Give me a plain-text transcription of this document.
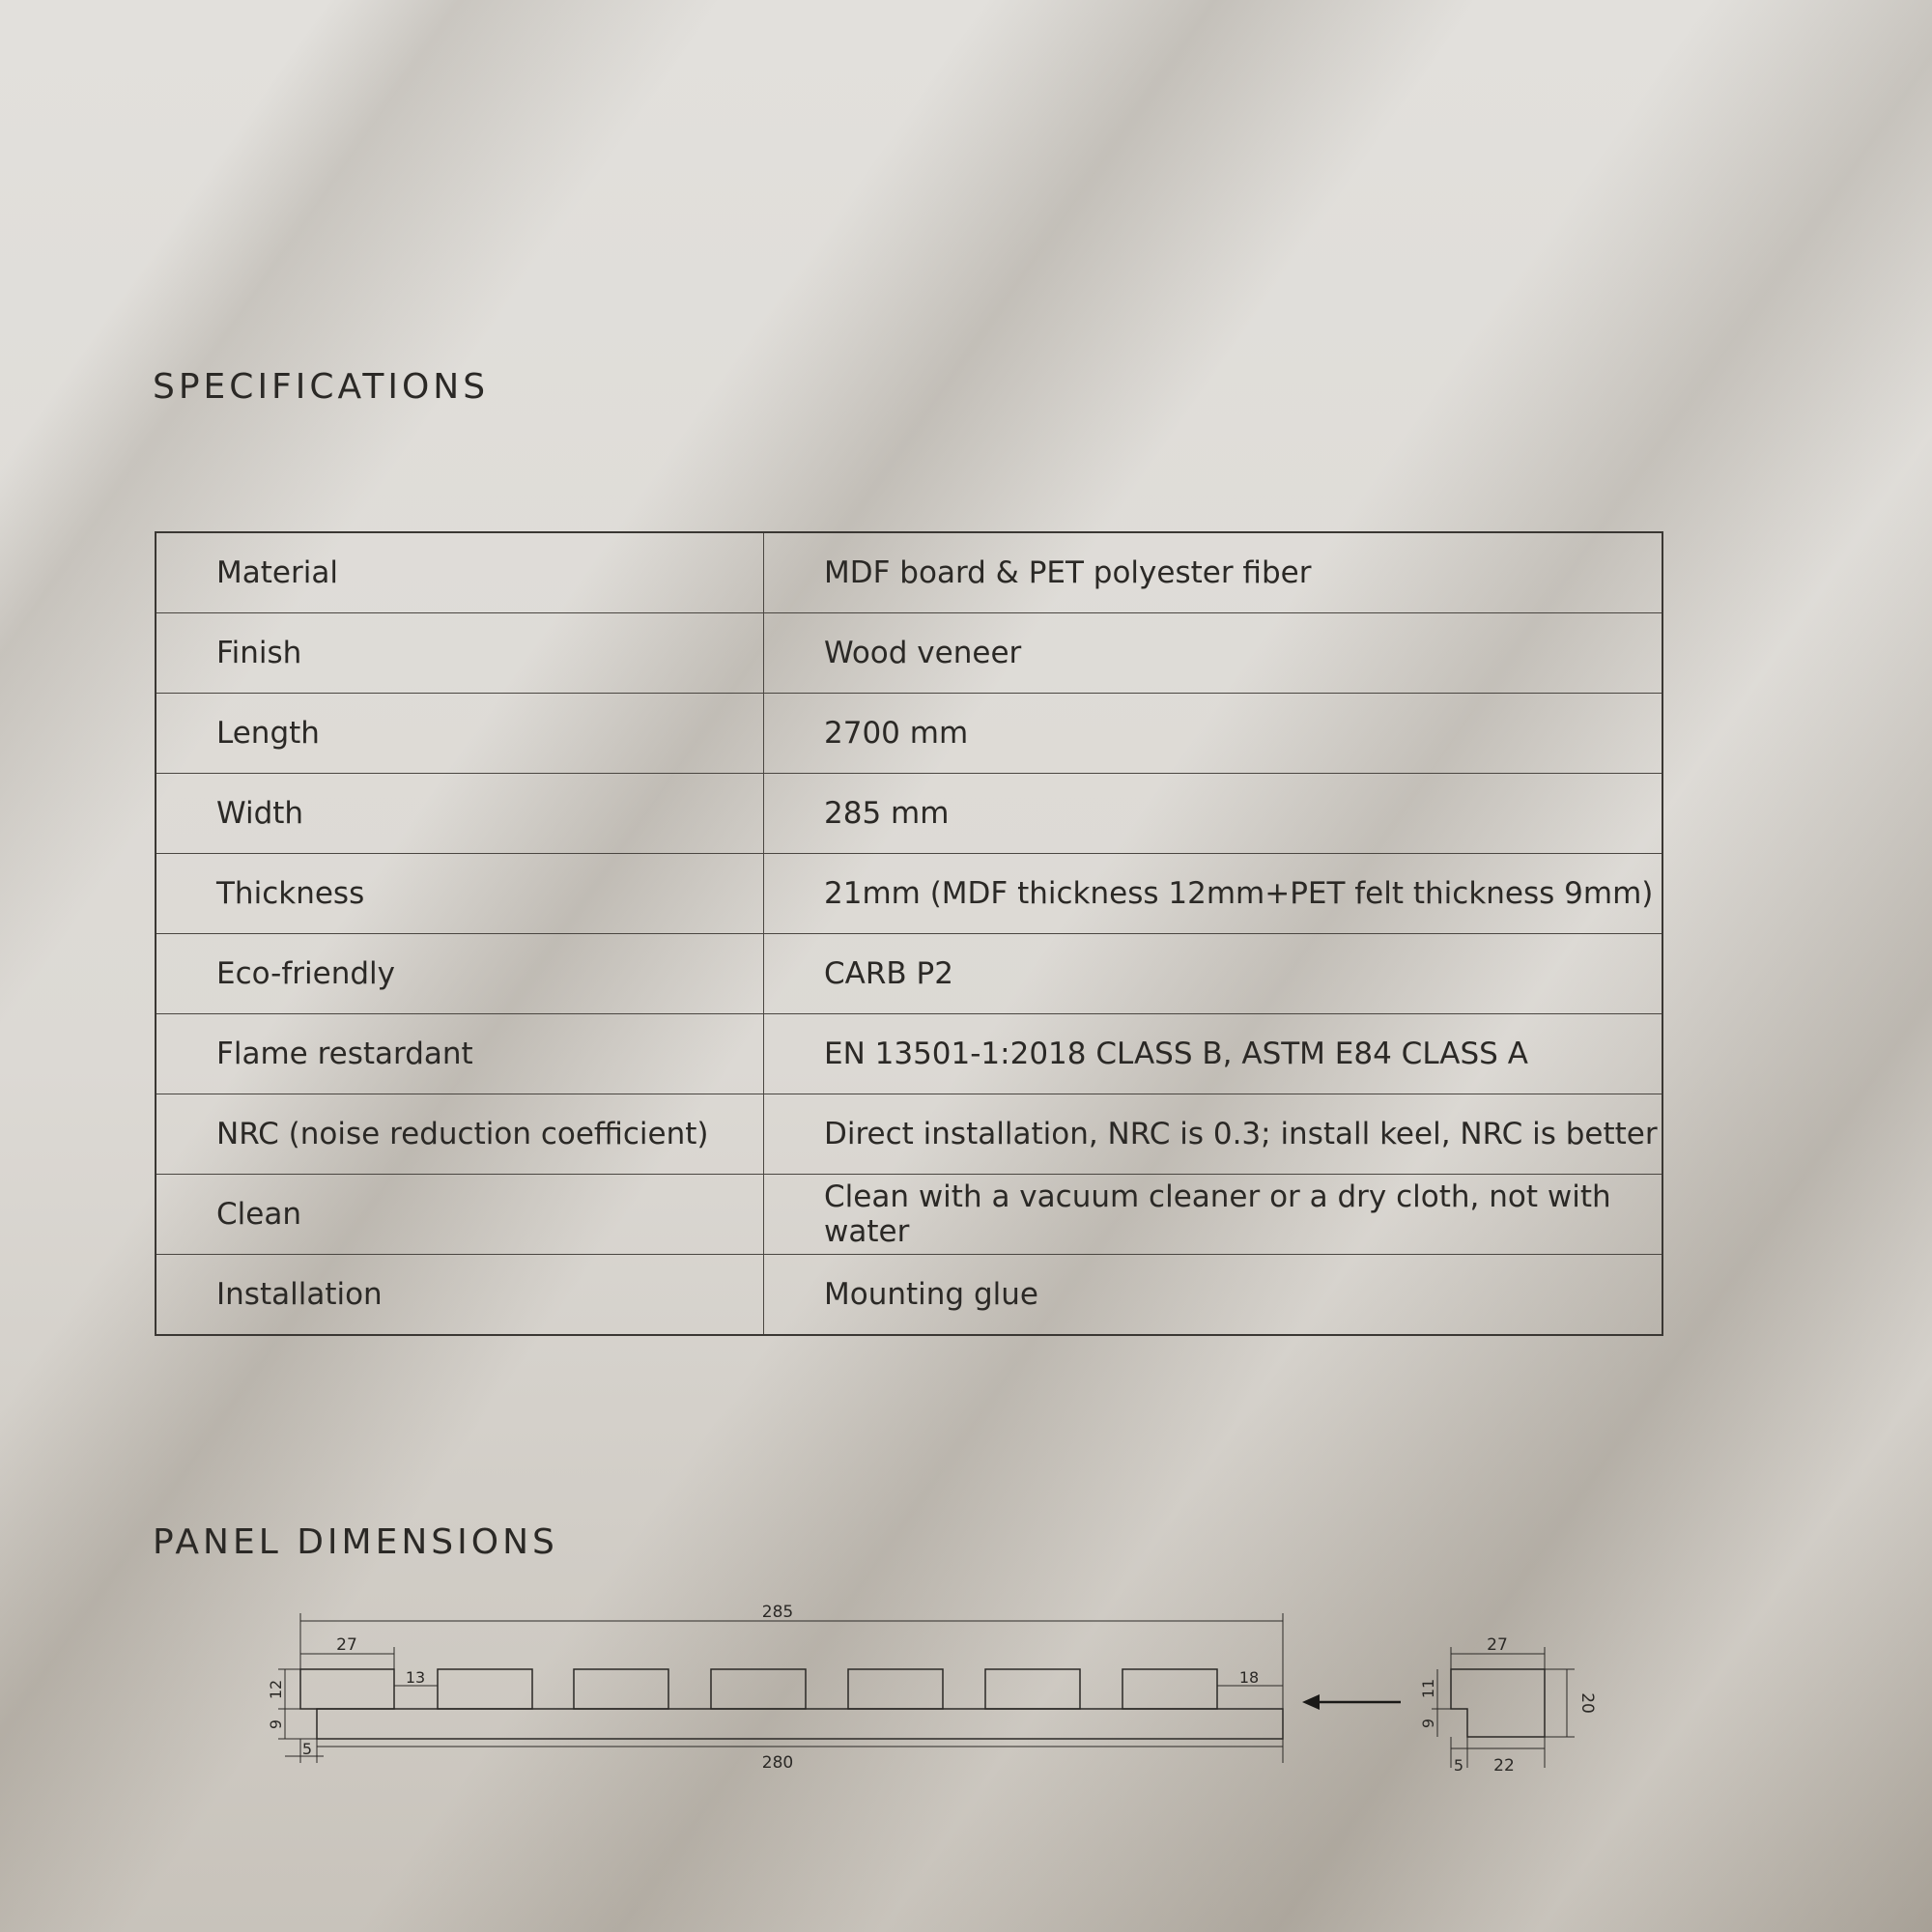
SPECIFICATIONS
Material	MDF board & PET polyester fiber
Finish	Wood veneer
Length	2700 mm
Width	285 mm
Thickness	21mm (MDF thickness 12mm+PET felt thickness 9mm)
Eco-friendly	CARB P2
Flame restardant	EN 13501-1:2018 CLASS B, ASTM E84 CLASS A
NRC (noise reduction coefficient)	Direct installation, NRC is 0.3; install keel, NRC is better
Clean	Clean with a vacuum cleaner or a dry cloth, not with water
Installation	Mounting glue
PANEL DIMENSIONS
285
27
13	18
280
5
12
9
27
20
11
9
5 22
